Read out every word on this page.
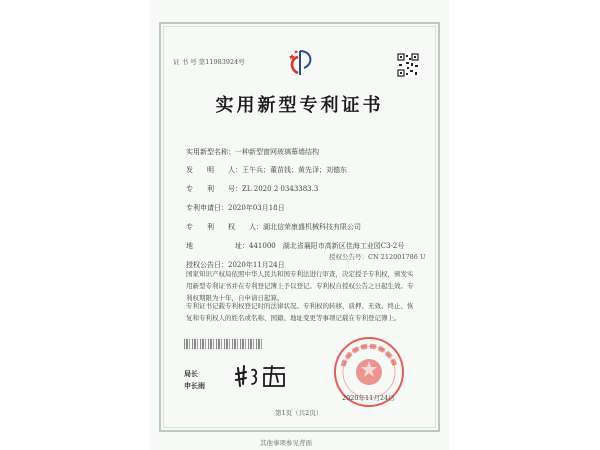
证 书 号 第11983924号
实用新型专利证书
实用新型名称：一种新型窗网玻璃幕墙结构
发　　明　　人：王午兵；董苗钱；黄先泽；刘德东
专　　利　　号：ZL 2020 2 0343383.3
专利申请日：2020年03月18日
专　　利　　权　　人：湖北信荣康盛机械科技有限公司
地　　　　　　址：441000　湖北省襄阳市高新区佳海工业园C3-2号
授权公告日：2020年11月24日
授权公告号：CN 212001786 U
国家知识产权局依照中华人民共和国专利法进行审查，决定授予专利权，颁发实用新型专利证书并在专利登记簿上予以登记。专利权自授权公告之日起生效。专利权期限为十年，自申请日起算。
专利证书记载专利权登记时的法律状况。专利权的转移、质押、无效、终止、恢复和专利权人的姓名或名称、国籍、地址变更等事项记载在专利登记簿上。
局长
申长雨
2020年11月24日
第1页（共2页）
其他事项参见背面
